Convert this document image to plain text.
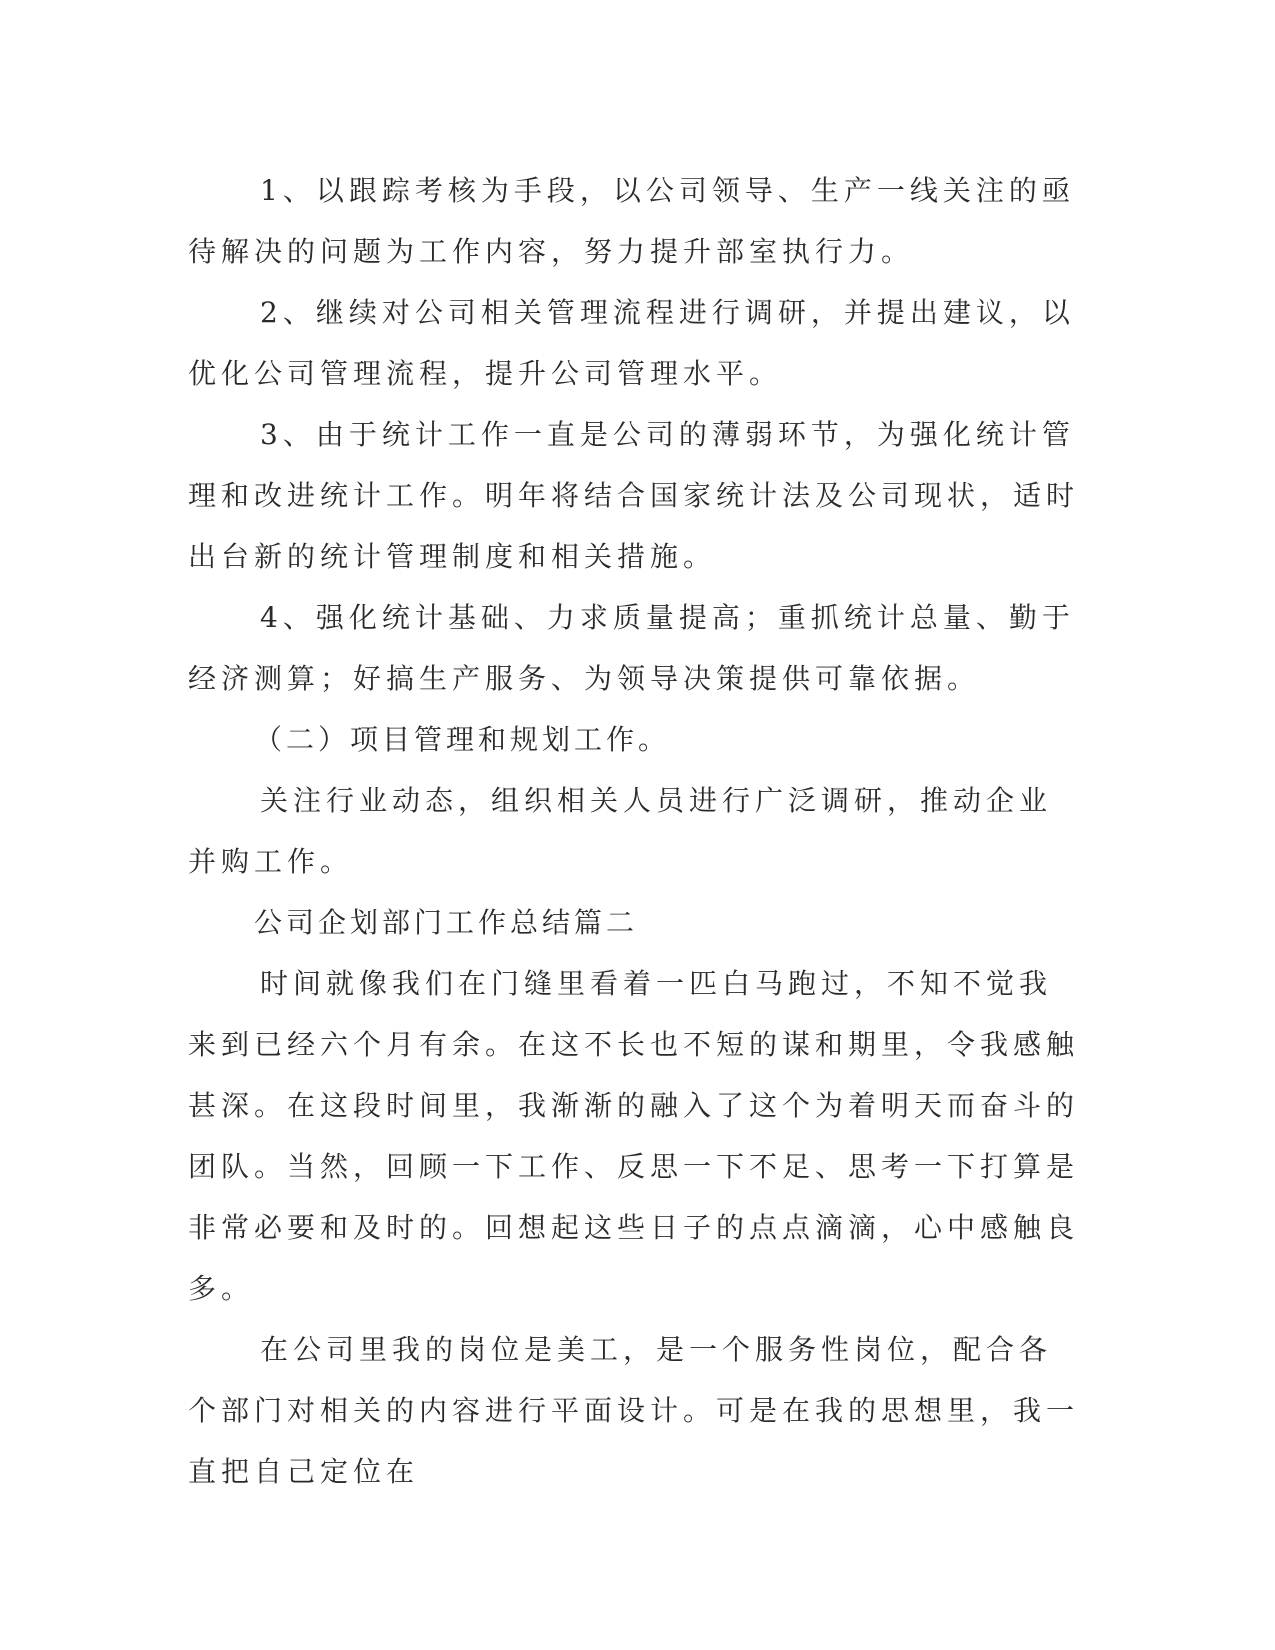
1、以跟踪考核为手段，以公司领导、生产一线关注的亟待解决的问题为工作内容，努力提升部室执行力。

2、继续对公司相关管理流程进行调研，并提出建议，以优化公司管理流程，提升公司管理水平。

3、由于统计工作一直是公司的薄弱环节，为强化统计管理和改进统计工作。明年将结合国家统计法及公司现状，适时出台新的统计管理制度和相关措施。

4、强化统计基础、力求质量提高；重抓统计总量、勤于经济测算；好搞生产服务、为领导决策提供可靠依据。

（二）项目管理和规划工作。

关注行业动态，组织相关人员进行广泛调研，推动企业并购工作。

公司企划部门工作总结篇二

时间就像我们在门缝里看着一匹白马跑过，不知不觉我来到已经六个月有余。在这不长也不短的谋和期里，令我感触甚深。在这段时间里，我渐渐的融入了这个为着明天而奋斗的团队。当然，回顾一下工作、反思一下不足、思考一下打算是非常必要和及时的。回想起这些日子的点点滴滴，心中感触良多。

在公司里我的岗位是美工，是一个服务性岗位，配合各个部门对相关的内容进行平面设计。可是在我的思想里，我一直把自己定位在
